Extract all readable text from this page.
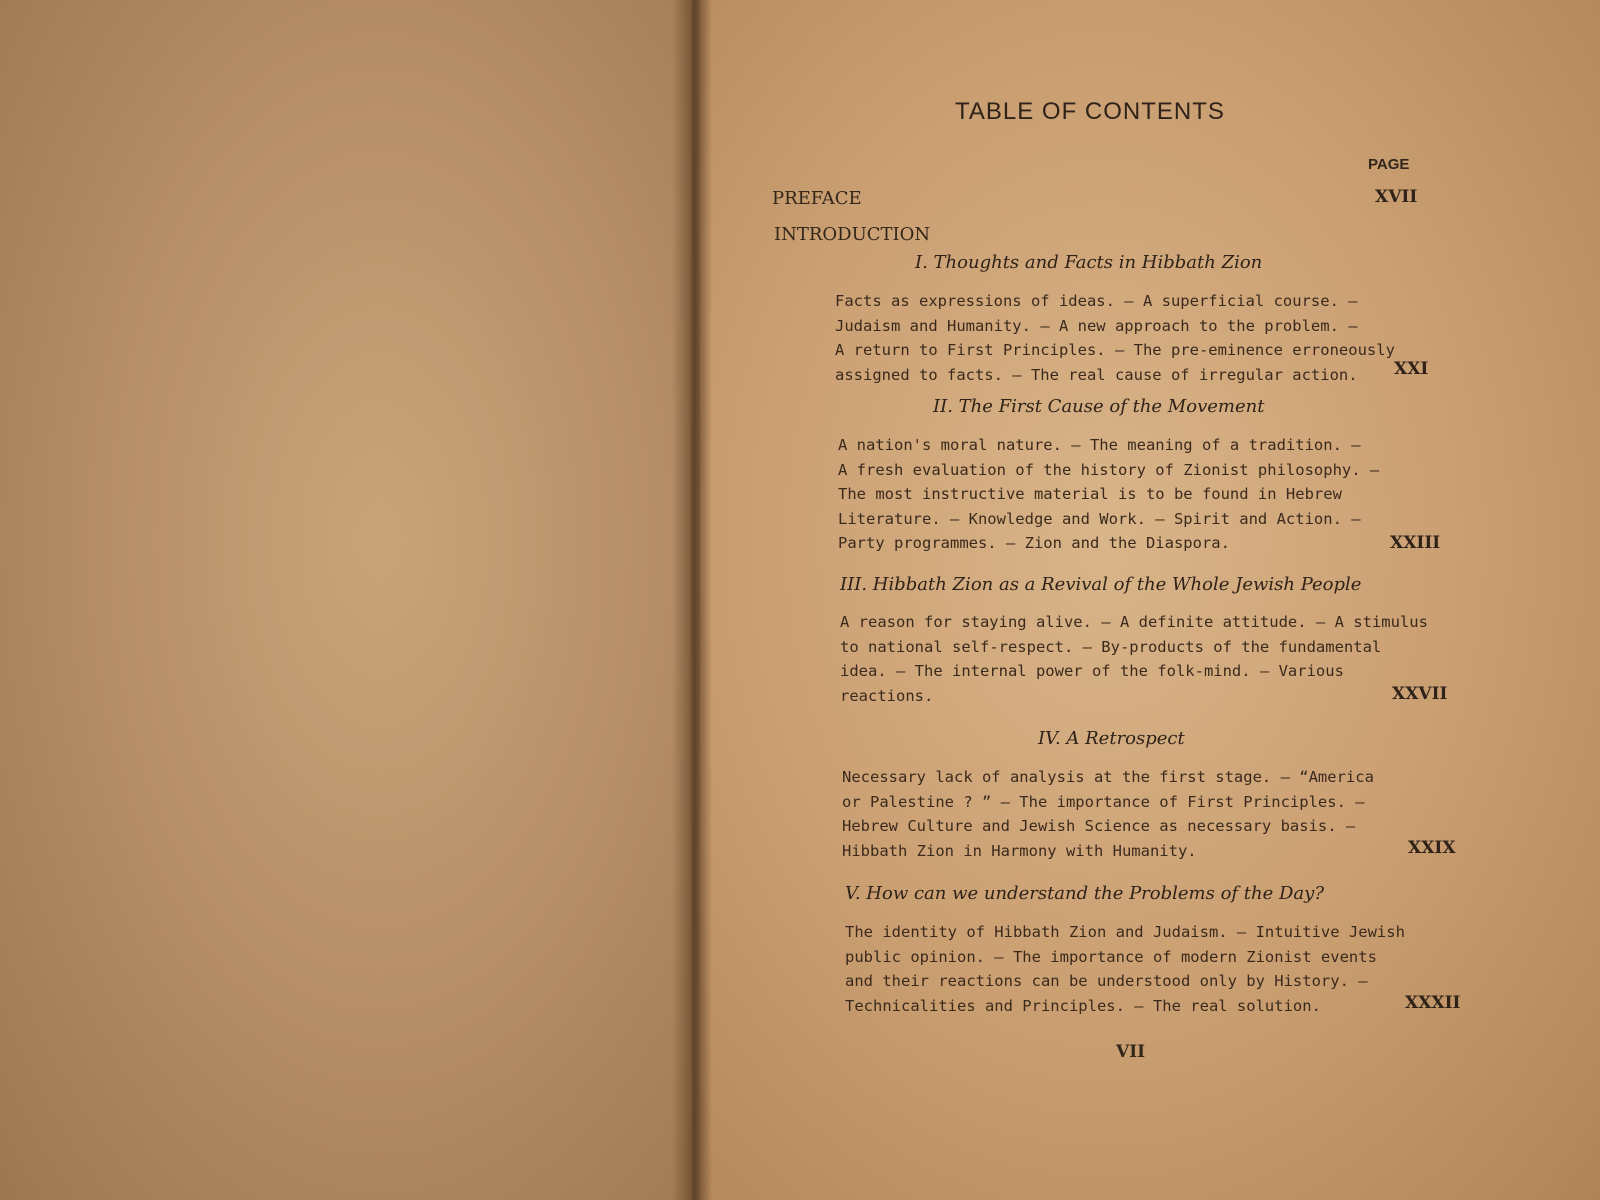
TABLE OF CONTENTS
PAGE
PREFACE	XVII
INTRODUCTION
I. Thoughts and Facts in Hibbath Zion
Facts as expressions of ideas. — A superficial course. —
Judaism and Humanity. — A new approach to the problem. —
A return to First Principles. — The pre-eminence erroneously
assigned to facts. — The real cause of irregular action.	XXI
II. The First Cause of the Movement
A nation's moral nature. — The meaning of a tradition. —
A fresh evaluation of the history of Zionist philosophy. —
The most instructive material is to be found in Hebrew
Literature. — Knowledge and Work. — Spirit and Action. —
Party programmes. — Zion and the Diaspora.	XXIII
III. Hibbath Zion as a Revival of the Whole Jewish People
A reason for staying alive. — A definite attitude. — A stimulus
to national self-respect. — By-products of the fundamental
idea. — The internal power of the folk-mind. — Various
reactions.	XXVII
IV. A Retrospect
Necessary lack of analysis at the first stage. — “America
or Palestine ? ” — The importance of First Principles. —
Hebrew Culture and Jewish Science as necessary basis. —
Hibbath Zion in Harmony with Humanity.	XXIX
V. How can we understand the Problems of the Day?
The identity of Hibbath Zion and Judaism. — Intuitive Jewish
public opinion. — The importance of modern Zionist events
and their reactions can be understood only by History. —
Technicalities and Principles. — The real solution.	XXXII
VII
